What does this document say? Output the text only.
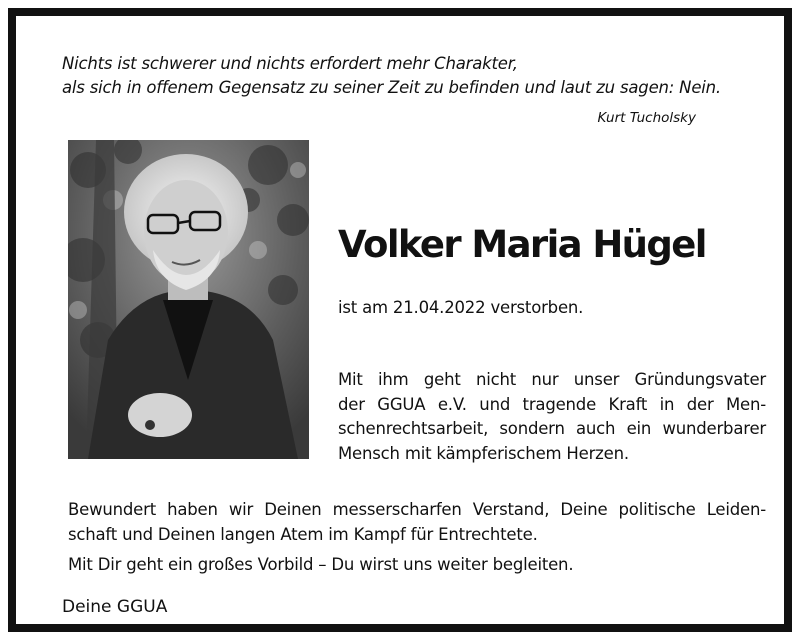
Nichts ist schwerer und nichts erfordert mehr Charakter,
als sich in offenem Gegensatz zu seiner Zeit zu befinden und laut zu sagen: Nein.
Kurt Tucholsky
Volker Maria Hügel
ist am 21.04.2022 verstorben.
Mit ihm geht nicht nur unser Gründungsvater
der GGUA e.V. und tragende Kraft in der Men-
schenrechtsarbeit, sondern auch ein wunderbarer
Mensch mit kämpferischem Herzen.
Bewundert haben wir Deinen messerscharfen Verstand, Deine politische Leiden-
schaft und Deinen langen Atem im Kampf für Entrechtete.
Mit Dir geht ein großes Vorbild – Du wirst uns weiter begleiten.
Deine GGUA
